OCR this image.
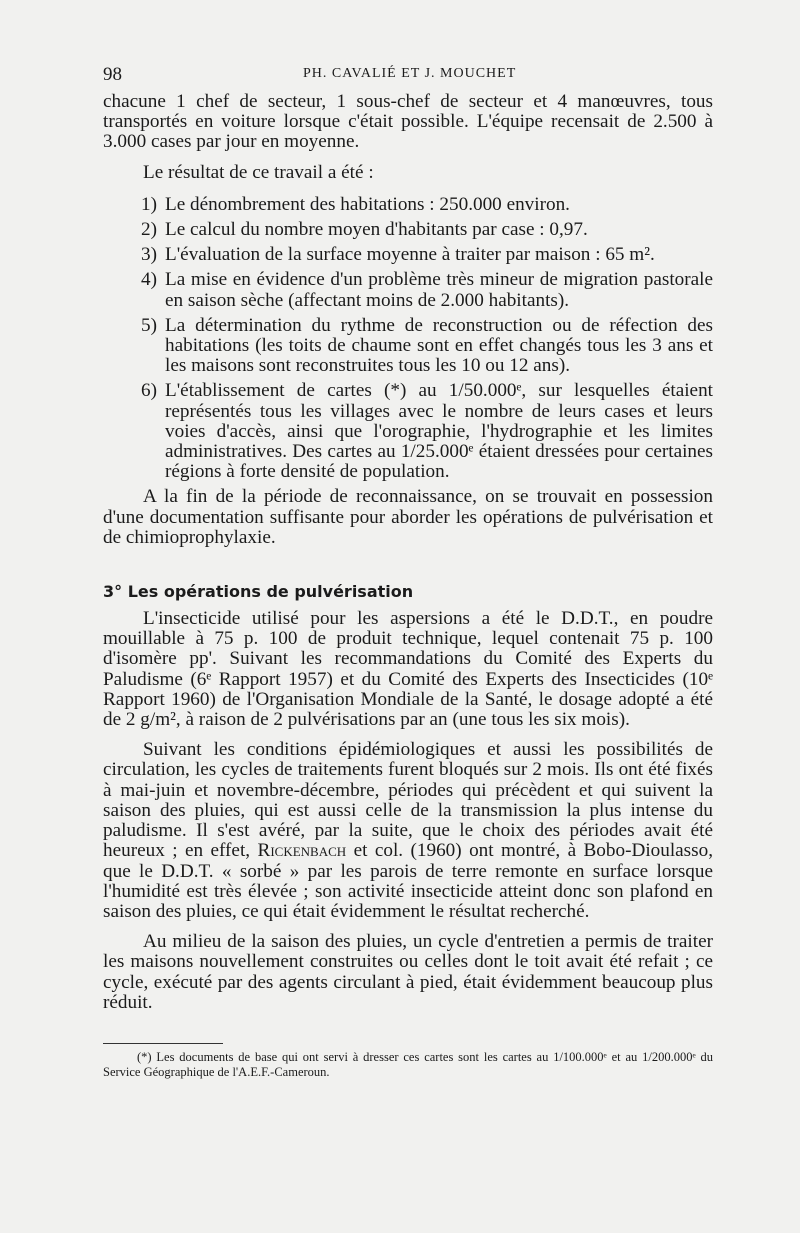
98	PH. CAVALIÉ ET J. MOUCHET

chacune 1 chef de secteur, 1 sous-chef de secteur et 4 manœuvres, tous transportés en voiture lorsque c'était possible. L'équipe recensait de 2.500 à 3.000 cases par jour en moyenne.

Le résultat de ce travail a été :

1) Le dénombrement des habitations : 250.000 environ.
2) Le calcul du nombre moyen d'habitants par case : 0,97.
3) L'évaluation de la surface moyenne à traiter par maison : 65 m².
4) La mise en évidence d'un problème très mineur de migration pastorale en saison sèche (affectant moins de 2.000 habitants).
5) La détermination du rythme de reconstruction ou de réfection des habitations (les toits de chaume sont en effet changés tous les 3 ans et les maisons sont reconstruites tous les 10 ou 12 ans).
6) L'établissement de cartes (*) au 1/50.000ᵉ, sur lesquelles étaient représentés tous les villages avec le nombre de leurs cases et leurs voies d'accès, ainsi que l'orographie, l'hydrographie et les limites administratives. Des cartes au 1/25.000ᵉ étaient dressées pour certaines régions à forte densité de population.

A la fin de la période de reconnaissance, on se trouvait en possession d'une documentation suffisante pour aborder les opérations de pulvérisation et de chimioprophylaxie.

3° Les opérations de pulvérisation

L'insecticide utilisé pour les aspersions a été le D.D.T., en poudre mouillable à 75 p. 100 de produit technique, lequel contenait 75 p. 100 d'isomère pp'. Suivant les recommandations du Comité des Experts du Paludisme (6ᵉ Rapport 1957) et du Comité des Experts des Insecticides (10ᵉ Rapport 1960) de l'Organisation Mondiale de la Santé, le dosage adopté a été de 2 g/m², à raison de 2 pulvérisations par an (une tous les six mois).

Suivant les conditions épidémiologiques et aussi les possibilités de circulation, les cycles de traitements furent bloqués sur 2 mois. Ils ont été fixés à mai-juin et novembre-décembre, périodes qui précèdent et qui suivent la saison des pluies, qui est aussi celle de la transmission la plus intense du paludisme. Il s'est avéré, par la suite, que le choix des périodes avait été heureux ; en effet, Rickenbach et col. (1960) ont montré, à Bobo-Dioulasso, que le D.D.T. « sorbé » par les parois de terre remonte en surface lorsque l'humidité est très élevée ; son activité insecticide atteint donc son plafond en saison des pluies, ce qui était évidemment le résultat recherché.

Au milieu de la saison des pluies, un cycle d'entretien a permis de traiter les maisons nouvellement construites ou celles dont le toit avait été refait ; ce cycle, exécuté par des agents circulant à pied, était évidemment beaucoup plus réduit.

(*) Les documents de base qui ont servi à dresser ces cartes sont les cartes au 1/100.000ᵉ et au 1/200.000ᵉ du Service Géographique de l'A.E.F.-Cameroun.
